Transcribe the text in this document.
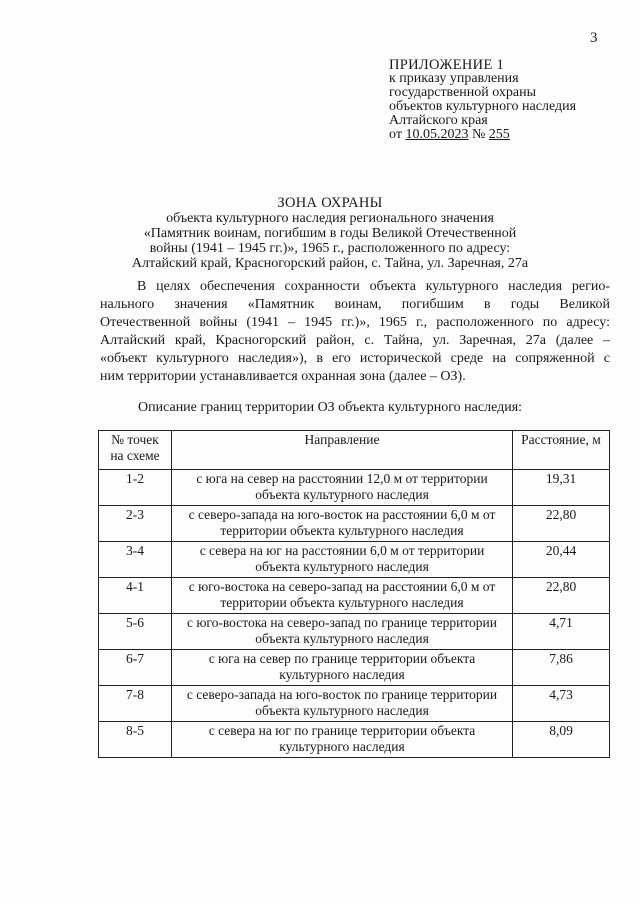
3
ПРИЛОЖЕНИЕ 1
к приказу управления
государственной охраны
объектов культурного наследия
Алтайского края
от 10.05.2023 № 255
ЗОНА ОХРАНЫ
объекта культурного наследия регионального значения
«Памятник воинам, погибшим в годы Великой Отечественной
войны (1941 – 1945 гг.)», 1965 г., расположенного по адресу:
Алтайский край, Красногорский район, с. Тайна, ул. Заречная, 27а
В целях обеспечения сохранности объекта культурного наследия регио-
нального значения «Памятник воинам, погибшим в годы Великой
Отечественной войны (1941 – 1945 гг.)», 1965 г., расположенного по адресу:
Алтайский край, Красногорский район, с. Тайна, ул. Заречная, 27а (далее –
«объект культурного наследия»), в его исторической среде на сопряженной с
ним территории устанавливается охранная зона (далее – ОЗ).
Описание границ территории ОЗ объекта культурного наследия:
№ точек на схеме	Направление	Расстояние, м
1-2	с юга на север на расстоянии 12,0 м от территории объекта культурного наследия	19,31
2-3	с северо-запада на юго-восток на расстоянии 6,0 м от территории объекта культурного наследия	22,80
3-4	с севера на юг на расстоянии 6,0 м от территории объекта культурного наследия	20,44
4-1	с юго-востока на северо-запад на расстоянии 6,0 м от территории объекта культурного наследия	22,80
5-6	с юго-востока на северо-запад по границе территории объекта культурного наследия	4,71
6-7	с юга на север по границе территории объекта культурного наследия	7,86
7-8	с северо-запада на юго-восток по границе территории объекта культурного наследия	4,73
8-5	с севера на юг по границе территории объекта культурного наследия	8,09
